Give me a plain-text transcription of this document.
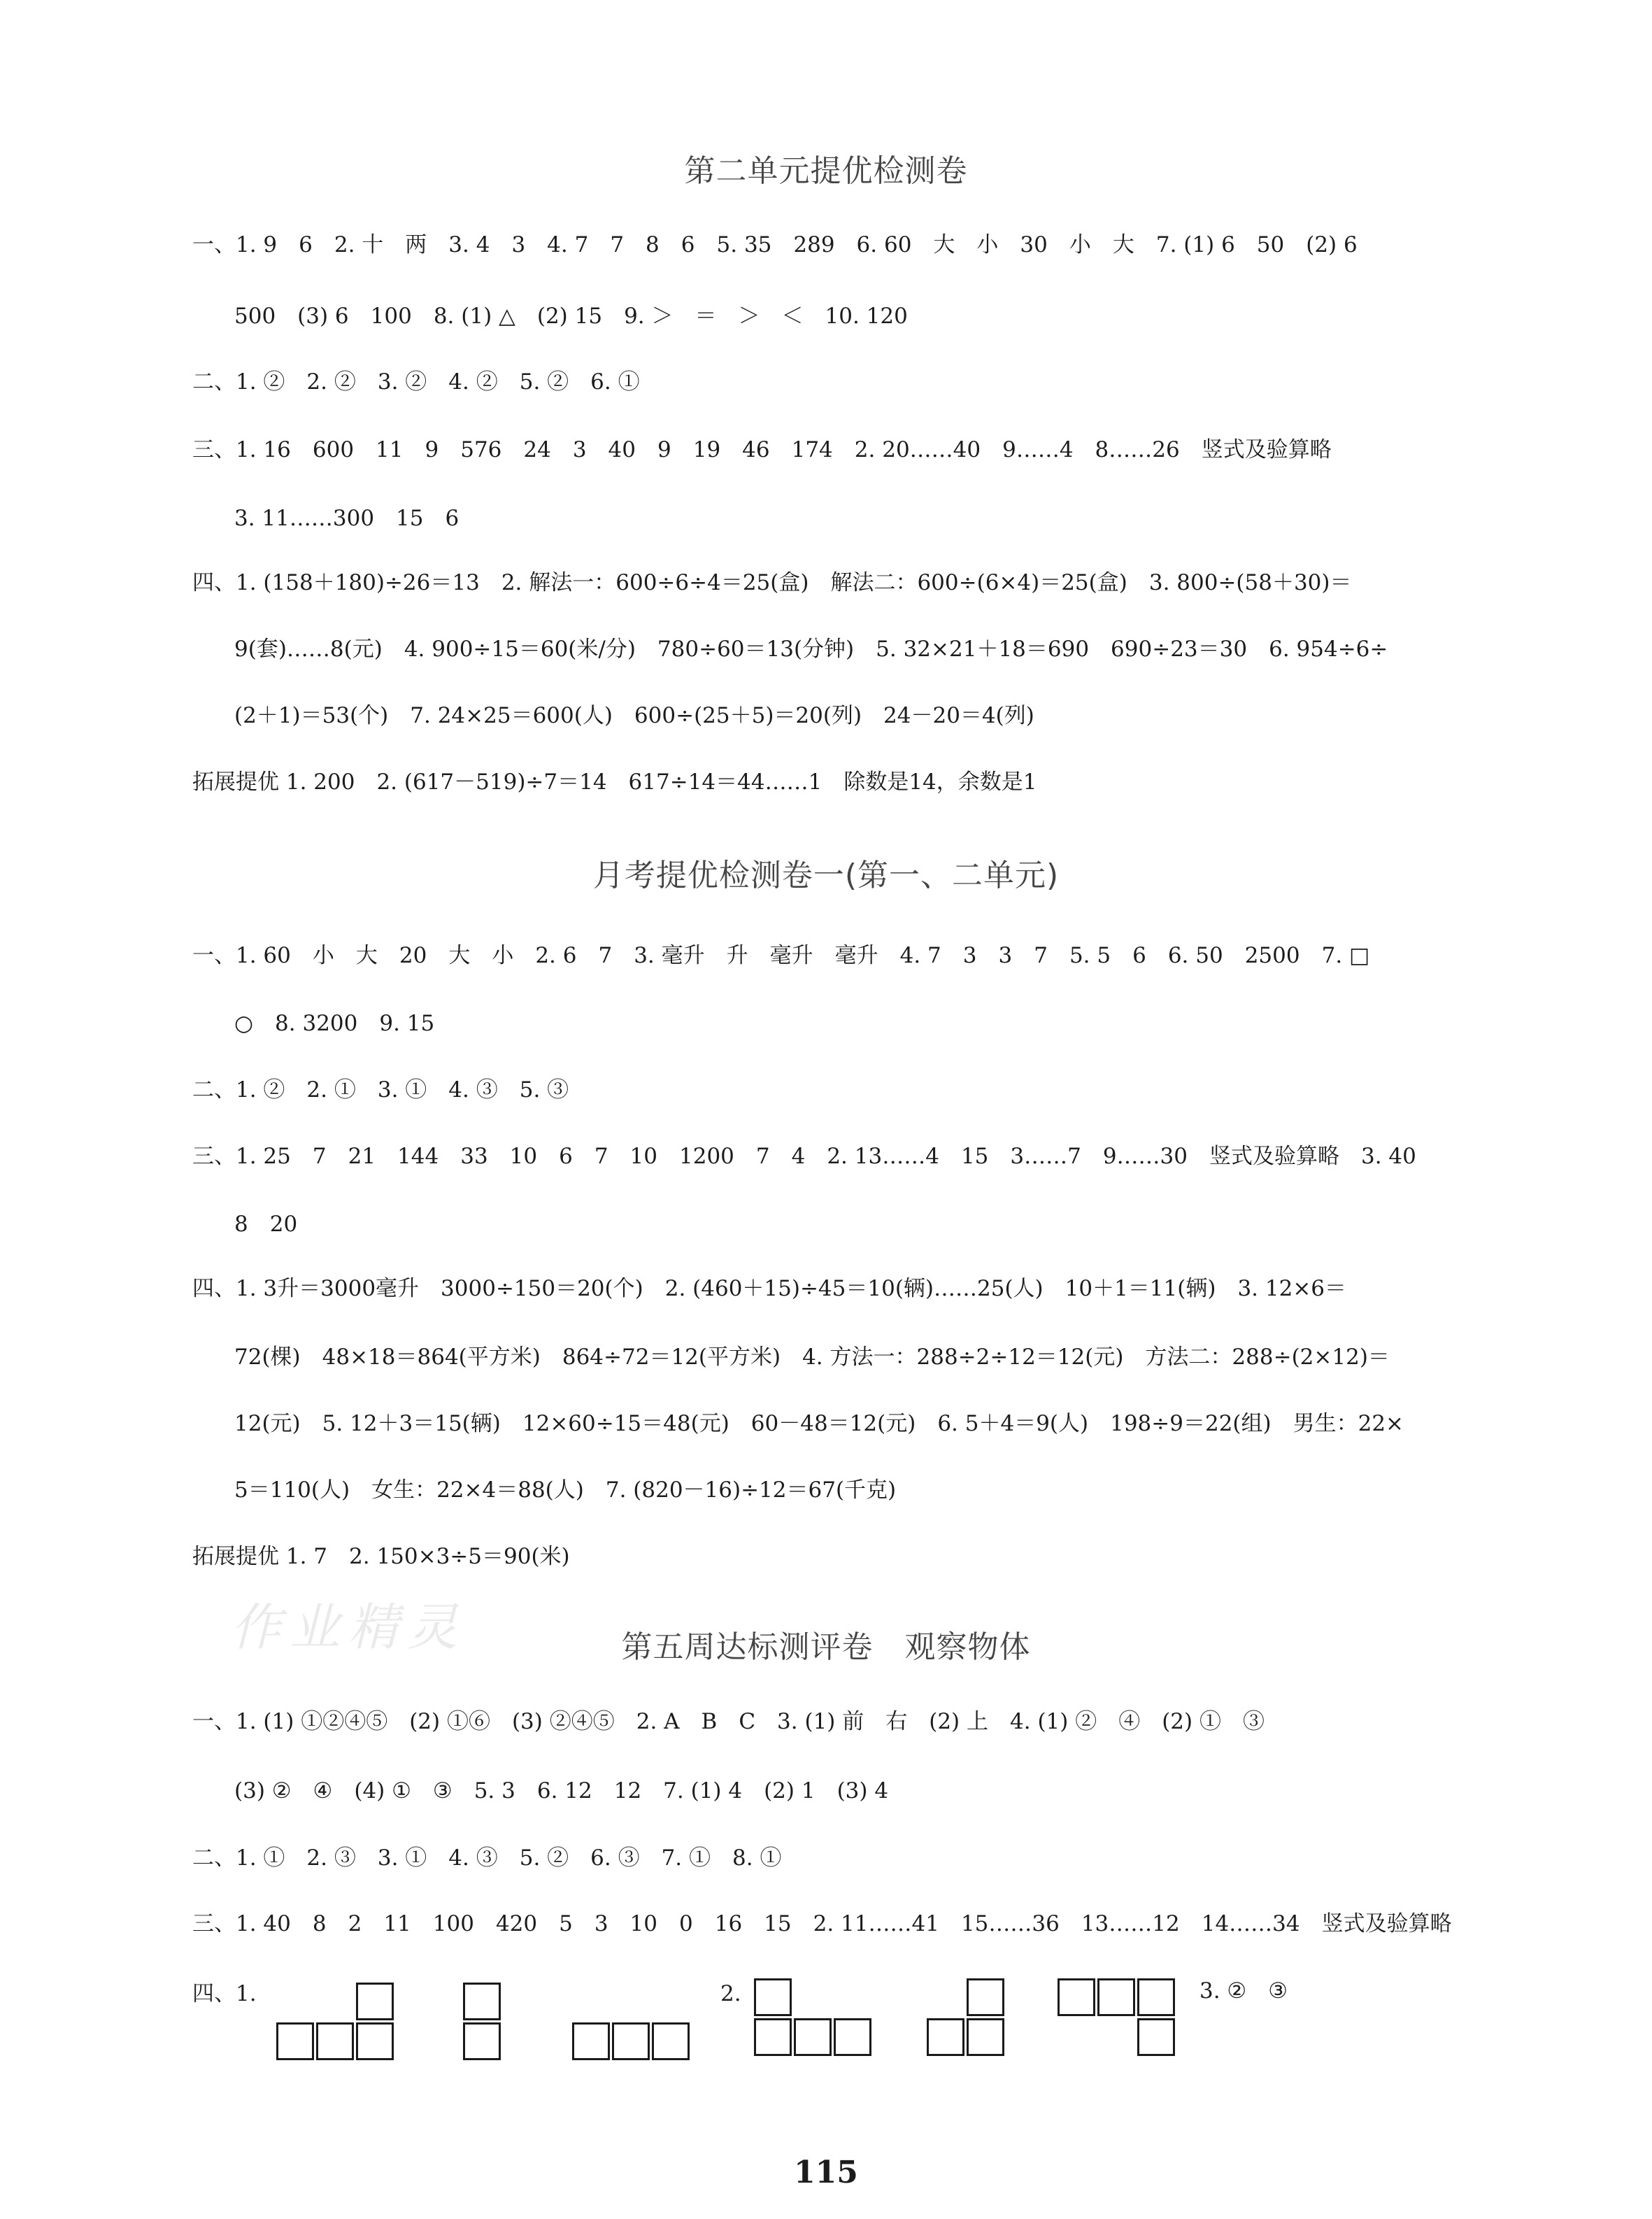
第二单元提优检测卷
一、1. 9　6　2. 十　两　3. 4　3　4. 7　7　8　6　5. 35　289　6. 60　大　小　30　小　大　7. (1) 6　50　(2) 6
500　(3) 6　100　8. (1) △　(2) 15　9. ＞　＝　＞　＜　10. 120
二、1. ②　2. ②　3. ②　4. ②　5. ②　6. ①
三、1. 16　600　11　9　576　24　3　40　9　19　46　174　2. 20……40　9……4　8……26　竖式及验算略
3. 11……300　15　6
四、1. (158＋180)÷26＝13　2. 解法一：600÷6÷4＝25(盒)　解法二：600÷(6×4)＝25(盒)　3. 800÷(58＋30)＝
9(套)……8(元)　4. 900÷15＝60(米/分)　780÷60＝13(分钟)　5. 32×21＋18＝690　690÷23＝30　6. 954÷6÷
(2＋1)＝53(个)　7. 24×25＝600(人)　600÷(25＋5)＝20(列)　24－20＝4(列)
拓展提优 1. 200　2. (617－519)÷7＝14　617÷14＝44……1　除数是14，余数是1
月考提优检测卷一(第一、二单元)
一、1. 60　小　大　20　大　小　2. 6　7　3. 毫升　升　毫升　毫升　4. 7　3　3　7　5. 5　6　6. 50　2500　7. □
○　8. 3200　9. 15
二、1. ②　2. ①　3. ①　4. ③　5. ③
三、1. 25　7　21　144　33　10　6　7　10　1200　7　4　2. 13……4　15　3……7　9……30　竖式及验算略　3. 40
8　20
四、1. 3升＝3000毫升　3000÷150＝20(个)　2. (460＋15)÷45＝10(辆)……25(人)　10＋1＝11(辆)　3. 12×6＝
72(棵)　48×18＝864(平方米)　864÷72＝12(平方米)　4. 方法一：288÷2÷12＝12(元)　方法二：288÷(2×12)＝
12(元)　5. 12＋3＝15(辆)　12×60÷15＝48(元)　60－48＝12(元)　6. 5＋4＝9(人)　198÷9＝22(组)　男生：22×
5＝110(人)　女生：22×4＝88(人)　7. (820－16)÷12＝67(千克)
拓展提优 1. 7　2. 150×3÷5＝90(米)
作业精灵	第五周达标测评卷　观察物体
一、1. (1) ①②④⑤　(2) ①⑥　(3) ②④⑤　2. A　B　C　3. (1) 前　右　(2) 上　4. (1) ②　④　(2) ①　③
(3) ②　④　(4) ①　③　5. 3　6. 12　12　7. (1) 4　(2) 1　(3) 4
二、1. ①　2. ③　3. ①　4. ③　5. ②　6. ③　7. ①　8. ①
三、1. 40　8　2　11　100　420　5　3　10　0　16　15　2. 11……41　15……36　13……12　14……34　竖式及验算略
四、1.	2.	3. ②　③
115
